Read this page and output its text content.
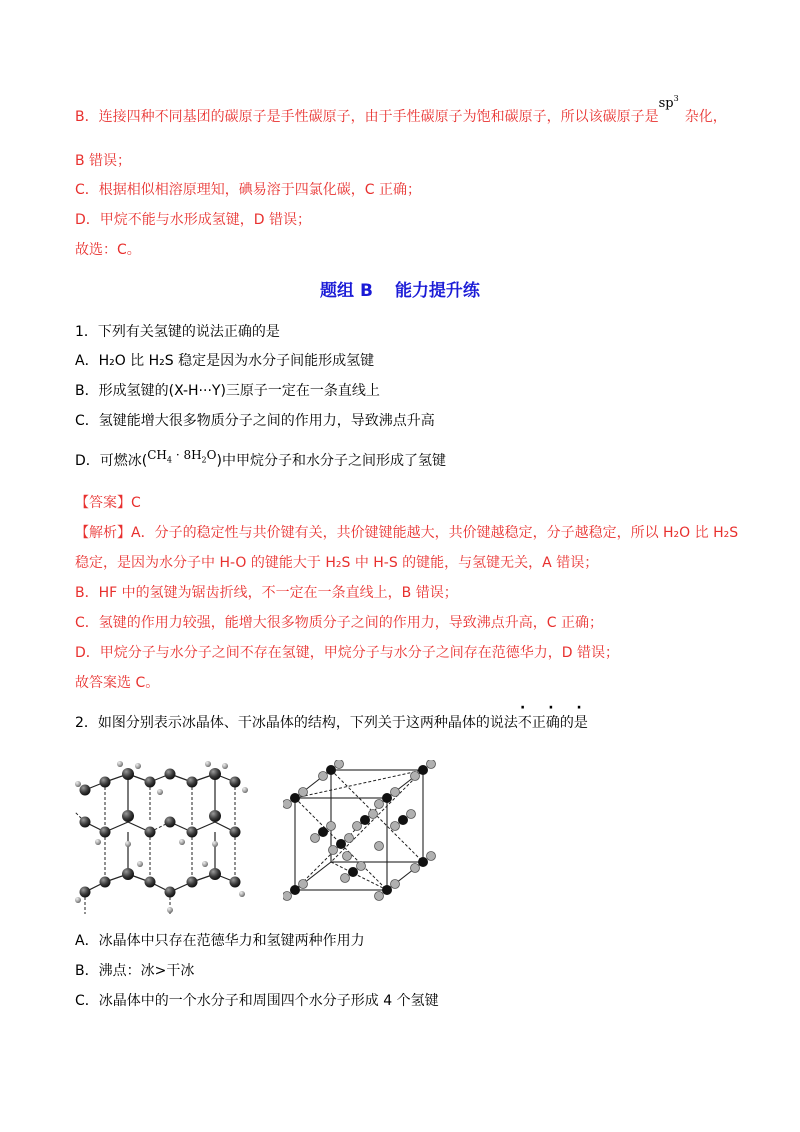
B．连接四种不同基团的碳原子是手性碳原子，由于手性碳原子为饱和碳原子，所以该碳原子是$sp^3$杂化，
B 错误；
C．根据相似相溶原理知，碘易溶于四氯化碳，C 正确；
D．甲烷不能与水形成氢键，D 错误；
故选：C。
题组 B 能力提升练
1．下列有关氢键的说法正确的是
A．H₂O 比 H₂S 稳定是因为水分子间能形成氢键
B．形成氢键的(X-H···Y)三原子一定在一条直线上
C．氢键能增大很多物质分子之间的作用力，导致沸点升高
D．可燃冰$(CH_4 \cdot 8H_2O)$中甲烷分子和水分子之间形成了氢键
【答案】C
【解析】A．分子的稳定性与共价键有关，共价键键能越大，共价键越稳定，分子越稳定，所以 H₂O 比 H₂S
稳定，是因为水分子中 H-O 的键能大于 H₂S 中 H-S 的键能，与氢键无关，A 错误；
B．HF 中的氢键为锯齿折线，不一定在一条直线上，B 错误；
C．氢键的作用力较强，能增大很多物质分子之间的作用力，导致沸点升高，C 正确；
D．甲烷分子与水分子之间不存在氢键，甲烷分子与水分子之间存在范德华力，D 错误；
故答案选 C。
· · ·
2．如图分别表示冰晶体、干冰晶体的结构，下列关于这两种晶体的说法不正确的是
A．冰晶体中只存在范德华力和氢键两种作用力
B．沸点：冰>干冰
C．冰晶体中的一个水分子和周围四个水分子形成 4 个氢键
